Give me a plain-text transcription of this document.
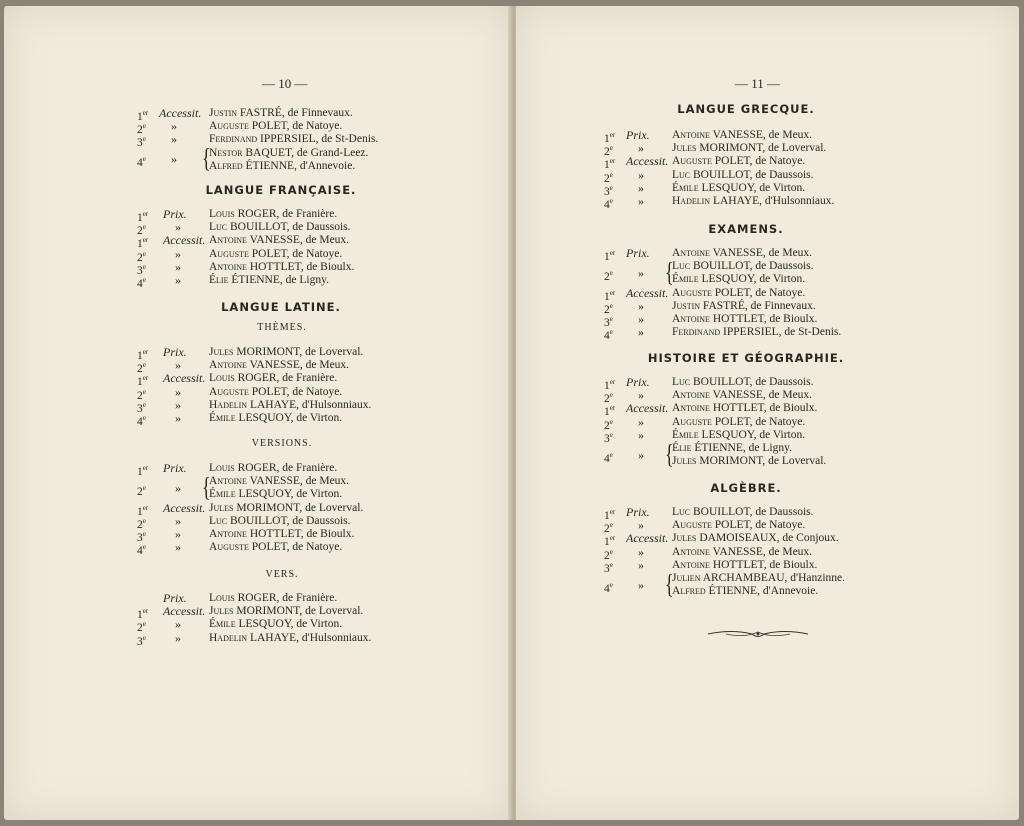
— 10 —
LANGUE FRANÇAISE.
LANGUE LATINE.
THÈMES.
VERSIONS.
VERS.
— 11 —
LANGUE GRECQUE.
EXAMENS.
HISTOIRE ET GÉOGRAPHIE.
ALGÈBRE.
1er Accessit. Justin FASTRÉ, de Finnevaux.
2e	»	Auguste POLET, de Natoye.
3e	»	Ferdinand IPPERSIEL, de St-Denis.
4e	» {
Nestor BAQUET, de Grand-Leez.
Alfred ÉTIENNE, d'Annevoie.
1er	Prix. Louis ROGER, de Franière.
2e	» Luc BOUILLOT, de Daussois.
1er	Accessit. Antoine VANESSE, de Meux.
2e	» Auguste POLET, de Natoye.
3e	» Antoine HOTTLET, de Bioulx.
4e	» Élie ÉTIENNE, de Ligny.
1er	Prix. Jules MORIMONT, de Loverval.
2e	» Antoine VANESSE, de Meux.
1er	Accessit. Louis ROGER, de Franière.
2e	» Auguste POLET, de Natoye.
3e	» Hadelin LAHAYE, d'Hulsonniaux.
4e	» Émile LESQUOY, de Virton.
1er	Prix. Louis ROGER, de Franière.
2e	» {
Antoine VANESSE, de Meux.
Émile LESQUOY, de Virton.
1er	Accessit. Jules MORIMONT, de Loverval.
2e	» Luc BOUILLOT, de Daussois.
3e	» Antoine HOTTLET, de Bioulx.
4e	» Auguste POLET, de Natoye.
Prix. Louis ROGER, de Franière.
1er	Accessit. Jules MORIMONT, de Loverval.
2e	» Émile LESQUOY, de Virton.
3e	» Hadelin LAHAYE, d'Hulsonniaux.
1er Prix. Antoine VANESSE, de Meux.
2e	» Jules MORIMONT, de Loverval.
1er Accessit. Auguste POLET, de Natoye.
2e	» Luc BOUILLOT, de Daussois.
3e	» Émile LESQUOY, de Virton.
4e	» Hadelin LAHAYE, d'Hulsonniaux.
1er Prix. Antoine VANESSE, de Meux.
2e	» {
Luc BOUILLOT, de Daussois.
Émile LESQUOY, de Virton.
1er Accessit. Auguste POLET, de Natoye.
2e	» Justin FASTRÉ, de Finnevaux.
3e	» Antoine HOTTLET, de Bioulx.
4e	» Ferdinand IPPERSIEL, de St-Denis.
1er Prix. Luc BOUILLOT, de Daussois.
2e	» Antoine VANESSE, de Meux.
1er Accessit. Antoine HOTTLET, de Bioulx.
2e	» Auguste POLET, de Natoye.
3e	» Émile LESQUOY, de Virton.
4e	» {
Élie ÉTIENNE, de Ligny.
Jules MORIMONT, de Loverval.
1er Prix. Luc BOUILLOT, de Daussois.
2e	» Auguste POLET, de Natoye.
1er Accessit. Jules DAMOISEAUX, de Conjoux.
2e	» Antoine VANESSE, de Meux.
3e	» Antoine HOTTLET, de Bioulx.
4e	» {
Julien ARCHAMBEAU, d'Hanzinne.
Alfred ÉTIENNE, d'Annevoie.
